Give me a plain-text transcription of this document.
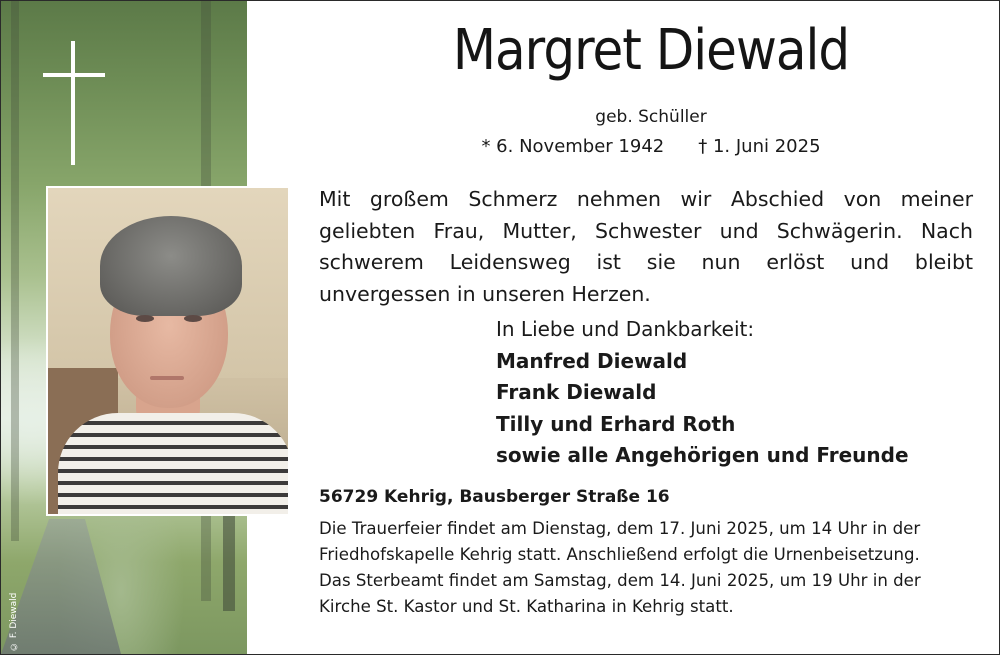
© F. Diewald
Margret Diewald
geb. Schüller
* 6. November 1942 † 1. Juni 2025

Mit großem Schmerz nehmen wir Abschied von meiner geliebten Frau, Mutter, Schwester und Schwägerin. Nach schwerem Leidensweg ist sie nun erlöst und bleibt unvergessen in unseren Herzen.

In Liebe und Dankbarkeit:
Manfred Diewald
Frank Diewald
Tilly und Erhard Roth
sowie alle Angehörigen und Freunde
56729 Kehrig, Bausberger Straße 16
Die Trauerfeier findet am Dienstag, dem 17. Juni 2025, um 14 Uhr in der
Friedhofskapelle Kehrig statt. Anschließend erfolgt die Urnenbeisetzung.
Das Sterbeamt findet am Samstag, dem 14. Juni 2025, um 19 Uhr in der
Kirche St. Kastor und St. Katharina in Kehrig statt.
